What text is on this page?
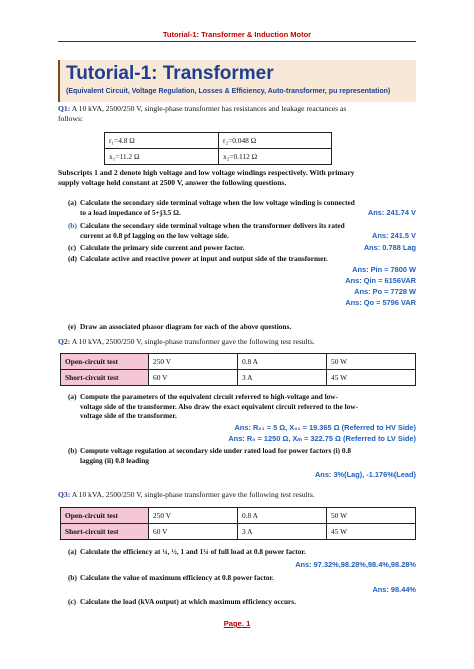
Tutorial-1: Transformer & Induction Motor
Tutorial-1: Transformer
(Equivalent Circuit, Voltage Regulation, Losses & Efficiency, Auto-transformer, pu representation)
Q1: A 10 kVA, 2500/250 V, single-phase transformer has resistances and leakage reactances as
follows:
r₁=4.8 Ω	r₂=0.048 Ω
x₁=11.2 Ω	x₂=0.112 Ω
Subscripts 1 and 2 denote high voltage and low voltage windings respectively. With primary
supply voltage held constant at 2500 V, answer the following questions.
(a) Calculate the secondary side terminal voltage when the low voltage winding is connected
to a load impedance of 5+j3.5 Ω.	Ans: 241.74 V
(b) Calculate the secondary side terminal voltage when the transformer delivers its rated
current at 0.8 pf lagging on the low voltage side.	Ans: 241.5 V
(c) Calculate the primary side current and power factor.	Ans: 0.788 Lag
(d) Calculate active and reactive power at input and output side of the transformer.
Ans: Pin = 7800 W
Ans: Qin = 6156VAR
Ans: Po = 7728 W
Ans: Qo = 5796 VAR
(e) Draw an associated phasor diagram for each of the above questions.
Q2: A 10 kVA, 2500/250 V, single-phase transformer gave the following test results.
Open-circuit test	250 V	0.8 A	50 W
Short-circuit test	60 V	3 A	45 W
(a) Compute the parameters of the equivalent circuit referred to high-voltage and low-
voltage side of the transformer. Also draw the exact equivalent circuit referred to the low-
voltage side of the transformer.
Ans: R₀₁ = 5 Ω, X₀₁ = 19.365 Ω (Referred to HV Side)
Ans: R₀ = 1250 Ω, Xₘ = 322.75 Ω (Referred to LV Side)
(b) Compute voltage regulation at secondary side under rated load for power factors (i) 0.8
lagging (ii) 0.8 leading
Ans: 3%(Lag), -1.176%(Lead)
Q3: A 10 kVA, 2500/250 V, single-phase transformer gave the following test results.
Open-circuit test	250 V	0.8 A	50 W
Short-circuit test	60 V	3 A	45 W
(a) Calculate the efficiency at ¼, ½, 1 and 1¼ of full load at 0.8 power factor.
Ans: 97.32%,98.28%,98.4%,98.28%
(b) Calculate the value of maximum efficiency at 0.8 power factor.
Ans: 98.44%
(c) Calculate the load (kVA output) at which maximum efficiency occurs.
Page. 1
